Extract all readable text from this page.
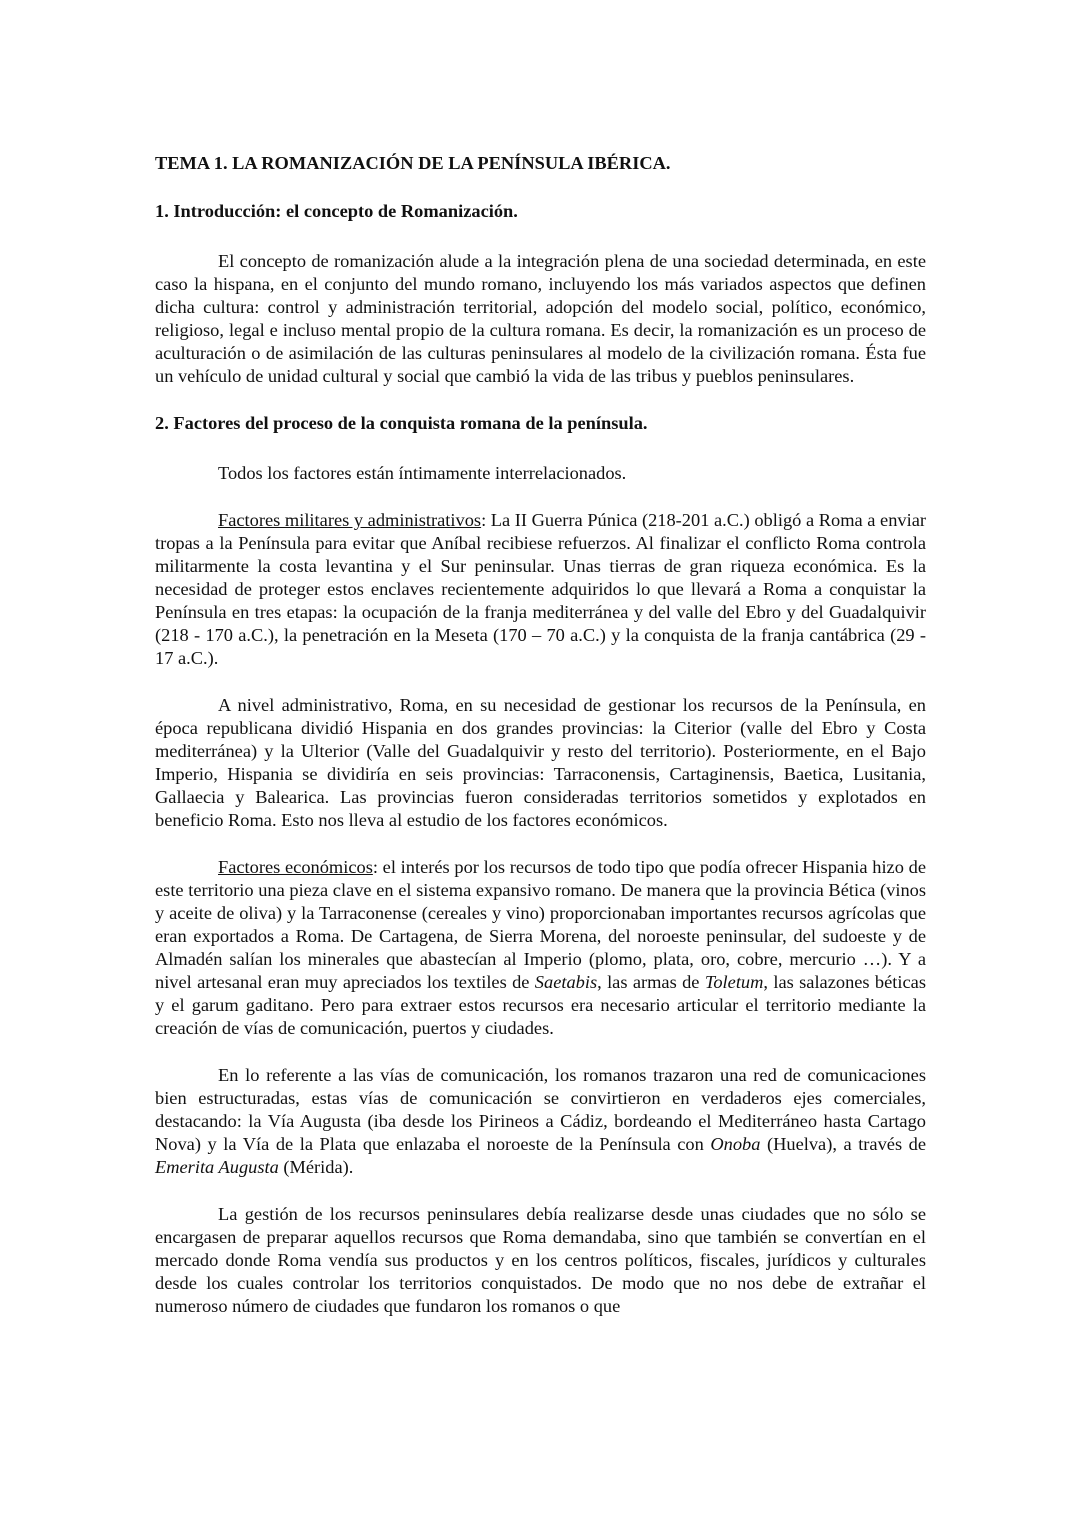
TEMA 1. LA ROMANIZACIÓN DE LA PENÍNSULA IBÉRICA.
1. Introducción: el concepto de Romanización.

El concepto de romanización alude a la integración plena de una sociedad determinada, en este caso la hispana, en el conjunto del mundo romano, incluyendo los más variados aspectos que definen dicha cultura: control y administración territorial, adopción del modelo social, político, económico, religioso, legal e incluso mental propio de la cultura romana. Es decir, la romanización es un proceso de aculturación o de asimilación de las culturas peninsulares al modelo de la civilización romana. Ésta fue un vehículo de unidad cultural y social que cambió la vida de las tribus y pueblos peninsulares.

2. Factores del proceso de la conquista romana de la península.

Todos los factores están íntimamente interrelacionados.

Factores militares y administrativos: La II Guerra Púnica (218-201 a.C.) obligó a Roma a enviar tropas a la Península para evitar que Aníbal recibiese refuerzos. Al finalizar el conflicto Roma controla militarmente la costa levantina y el Sur peninsular. Unas tierras de gran riqueza económica. Es la necesidad de proteger estos enclaves recientemente adquiridos lo que llevará a Roma a conquistar la Península en tres etapas: la ocupación de la franja mediterránea y del valle del Ebro y del Guadalquivir (218 - 170 a.C.), la penetración en la Meseta (170 – 70 a.C.) y la conquista de la franja cantábrica (29 - 17 a.C.).

A nivel administrativo, Roma, en su necesidad de gestionar los recursos de la Península, en época republicana dividió Hispania en dos grandes provincias: la Citerior (valle del Ebro y Costa mediterránea) y la Ulterior (Valle del Guadalquivir y resto del territorio). Posteriormente, en el Bajo Imperio, Hispania se dividiría en seis provincias: Tarraconensis, Cartaginensis, Baetica, Lusitania, Gallaecia y Balearica. Las provincias fueron consideradas territorios sometidos y explotados en beneficio Roma. Esto nos lleva al estudio de los factores económicos.

Factores económicos: el interés por los recursos de todo tipo que podía ofrecer Hispania hizo de este territorio una pieza clave en el sistema expansivo romano. De manera que la provincia Bética (vinos y aceite de oliva) y la Tarraconense (cereales y vino) proporcionaban importantes recursos agrícolas que eran exportados a Roma. De Cartagena, de Sierra Morena, del noroeste peninsular, del sudoeste y de Almadén salían los minerales que abastecían al Imperio (plomo, plata, oro, cobre, mercurio …). Y a nivel artesanal eran muy apreciados los textiles de Saetabis, las armas de Toletum, las salazones béticas y el garum gaditano. Pero para extraer estos recursos era necesario articular el territorio mediante la creación de vías de comunicación, puertos y ciudades.

En lo referente a las vías de comunicación, los romanos trazaron una red de comunicaciones bien estructuradas, estas vías de comunicación se convirtieron en verdaderos ejes comerciales, destacando: la Vía Augusta (iba desde los Pirineos a Cádiz, bordeando el Mediterráneo hasta Cartago Nova) y la Vía de la Plata que enlazaba el noroeste de la Península con Onoba (Huelva), a través de Emerita Augusta (Mérida).

La gestión de los recursos peninsulares debía realizarse desde unas ciudades que no sólo se encargasen de preparar aquellos recursos que Roma demandaba, sino que también se convertían en el mercado donde Roma vendía sus productos y en los centros políticos, fiscales, jurídicos y culturales desde los cuales controlar los territorios conquistados. De modo que no nos debe de extrañar el numeroso número de ciudades que fundaron los romanos o que
